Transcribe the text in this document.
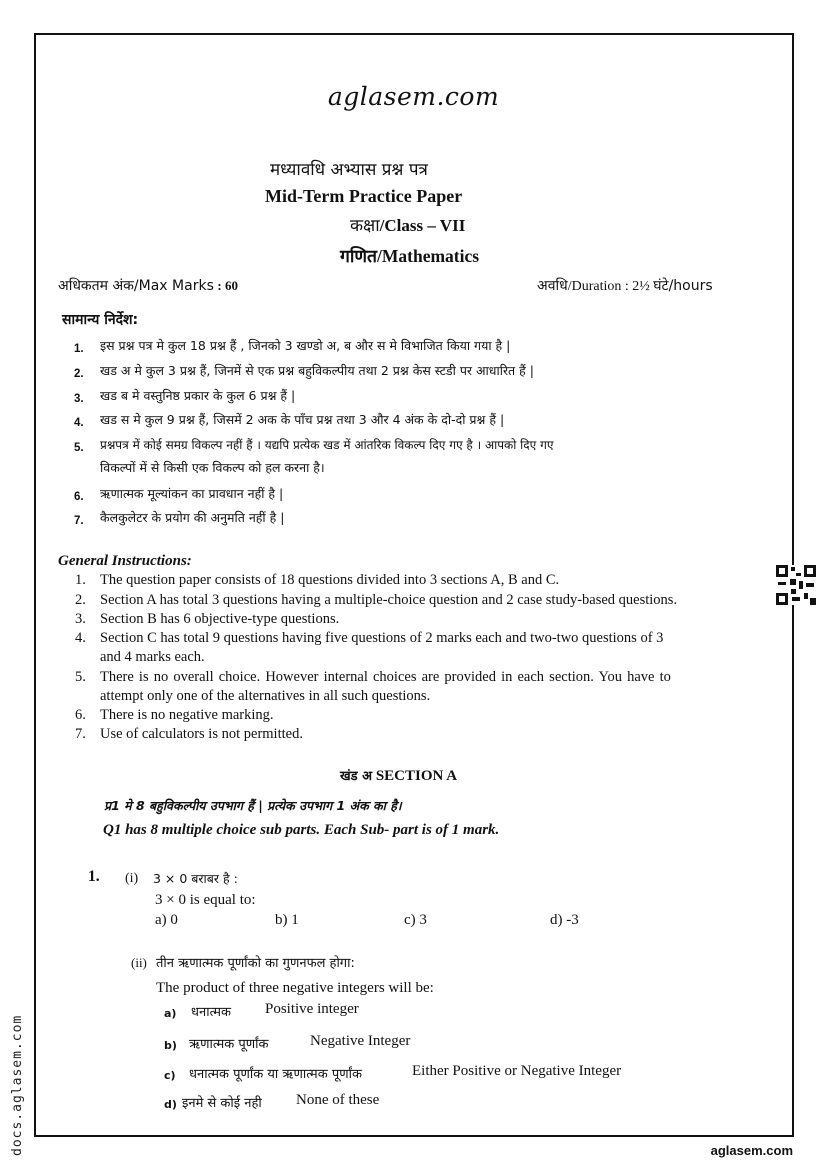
aglasem.com
मध्यावधि अभ्यास प्रश्न पत्र
Mid-Term Practice Paper
कक्षा/Class – VII
गणित/Mathematics
अधिकतम अंक/Max Marks : 60	अवधि/Duration : 2½ घंटे/hours
सामान्य निर्देश:
1. इस प्रश्न पत्र मे कुल 18 प्रश्न हैं , जिनको 3 खण्डो अ, ब और स मे विभाजित किया गया है |
2. खड अ मे कुल 3 प्रश्न हैं, जिनमें से एक प्रश्न बहुविकल्पीय तथा 2 प्रश्न केस स्टडी पर आधारित हैं |
3. खड ब मे वस्तुनिष्ठ प्रकार के कुल 6 प्रश्न हैं |
4. खड स मे कुल 9 प्रश्न हैं, जिसमें 2 अक के पाँच प्रश्न तथा 3 और 4 अंक के दो-दो प्रश्न हैं |
5. प्रश्नपत्र में कोई समग्र विकल्प नहीं हैं । यद्यपि प्रत्येक खड में आंतरिक विकल्प दिए गए है । आपको दिए गए
विकल्पों में से किसी एक विकल्प को हल करना है।
6. ऋणात्मक मूल्यांकन का प्रावधान नहीं है |
7. कैलकुलेटर के प्रयोग की अनुमति नहीं है |
General Instructions:
1. The question paper consists of 18 questions divided into 3 sections A, B and C.
2. Section A has total 3 questions having a multiple-choice question and 2 case study-based questions.
3. Section B has 6 objective-type questions.
4. Section C has total 9 questions having five questions of 2 marks each and two-two questions of 3
and 4 marks each.
5. There is no overall choice. However internal choices are provided in each section. You have to
attempt only one of the alternatives in all such questions.
6. There is no negative marking.
7. Use of calculators is not permitted.
खंड अ SECTION A
प्र1 मे 8 बहुविकल्पीय उपभाग हैं | प्रत्येक उपभाग 1 अंक का है।
Q1 has 8 multiple choice sub parts. Each Sub- part is of 1 mark.
1. (i) 3 × 0 बराबर है :
3 × 0 is equal to:
a) 0	b) 1	c) 3	d) -3
(ii) तीन ऋणात्मक पूर्णांको का गुणनफल होगा:
The product of three negative integers will be:
a) धनात्मक Positive integer
b) ऋणात्मक पूर्णांक	Negative Integer
c) धनात्मक पूर्णांक या ऋणात्मक पूर्णांक	Either Positive or Negative Integer
d) इनमे से कोई नही None of these
docs.aglasem.com	aglasem.com
